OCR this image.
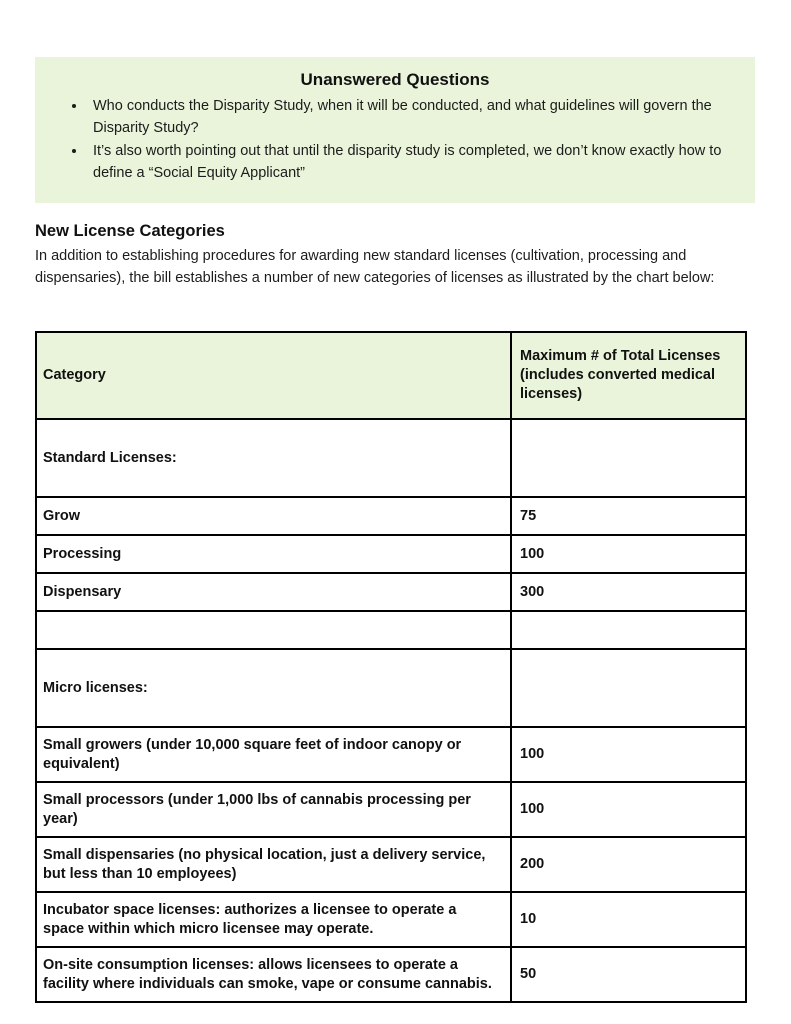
Unanswered Questions
• Who conducts the Disparity Study, when it will be conducted, and what guidelines will govern the Disparity Study?
• It’s also worth pointing out that until the disparity study is completed, we don’t know exactly how to define a “Social Equity Applicant”
New License Categories

In addition to establishing procedures for awarding new standard licenses (cultivation, processing and dispensaries), the bill establishes a number of new categories of licenses as illustrated by the chart below:

Category	Maximum # of Total Licenses (includes converted medical licenses)
Standard Licenses:	
Grow	75
Processing	100
Dispensary	300

Micro licenses:	
Small growers (under 10,000 square feet of indoor canopy or equivalent)	100
Small processors (under 1,000 lbs of cannabis processing per year)	100
Small dispensaries (no physical location, just a delivery service, but less than 10 employees)	200
Incubator space licenses: authorizes a licensee to operate a space within which micro licensee may operate.	10
On-site consumption licenses: allows licensees to operate a facility where individuals can smoke, vape or consume cannabis.	50
